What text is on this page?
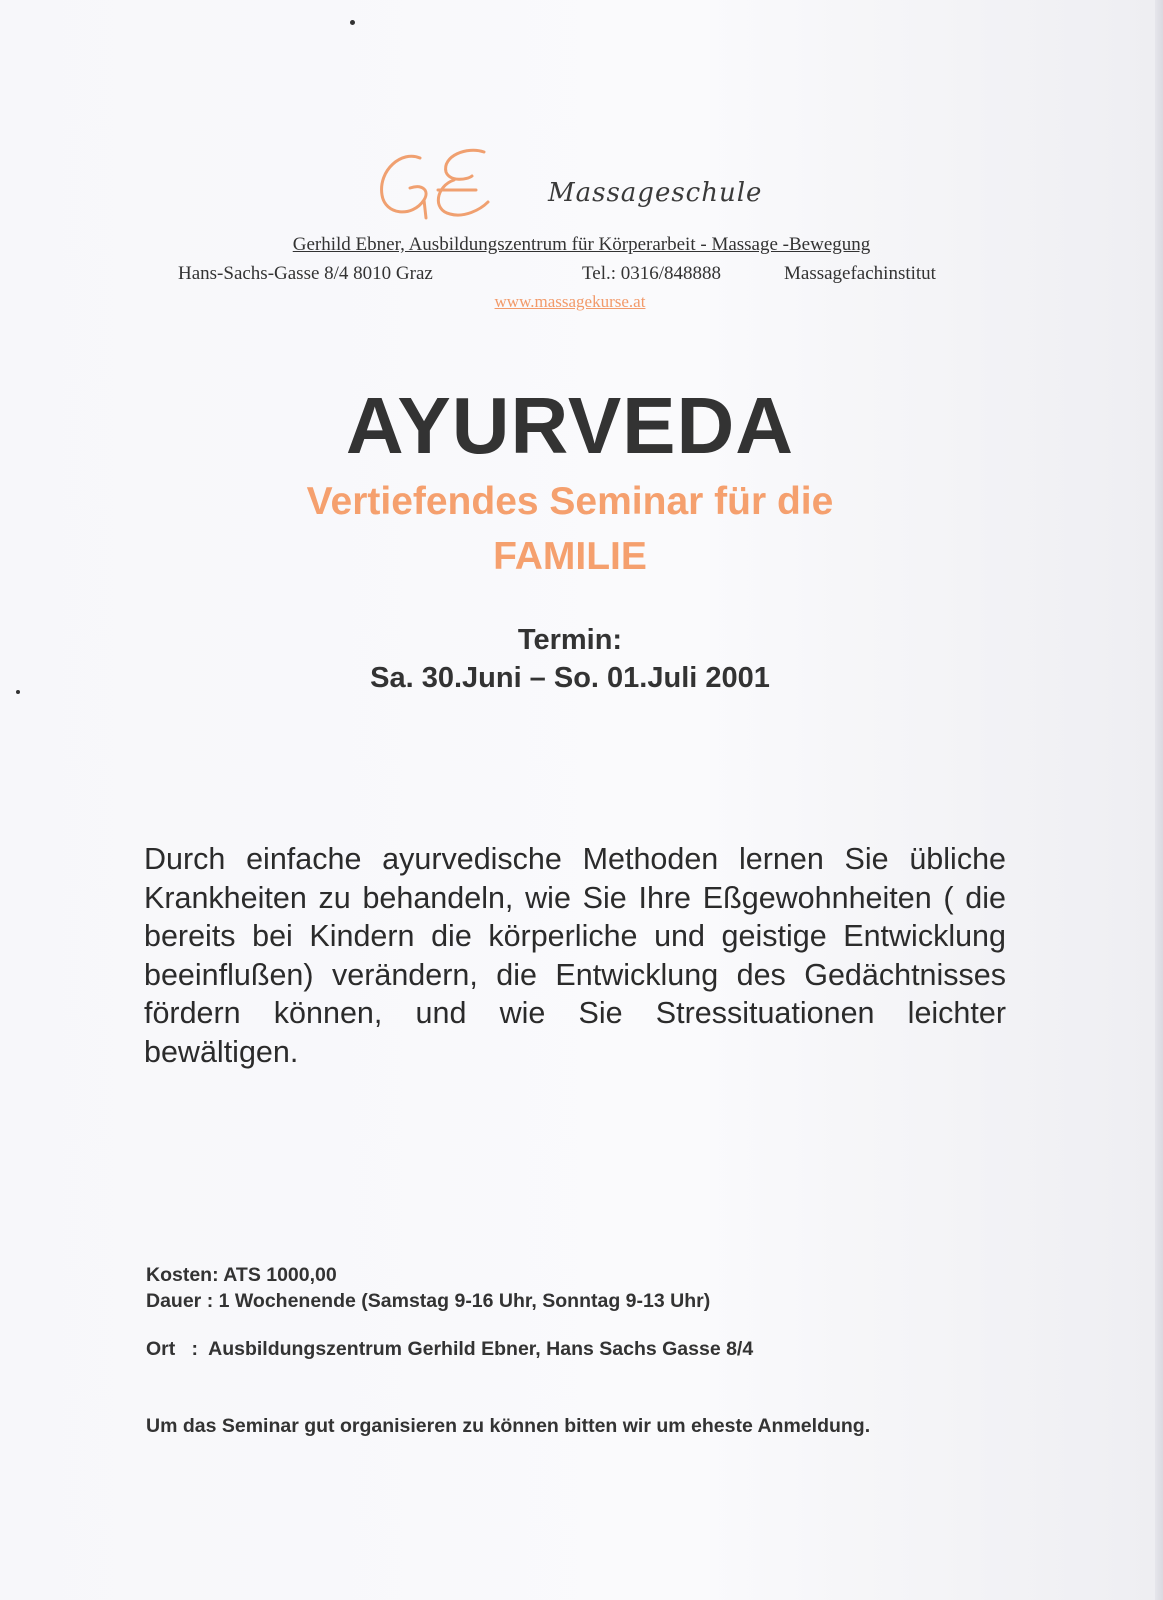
Massageschule
Gerhild Ebner, Ausbildungszentrum für Körperarbeit - Massage -Bewegung
Hans-Sachs-Gasse 8/4 8010 Graz	Tel.: 0316/848888	Massagefachinstitut
www.massagekurse.at
AYURVEDA
Vertiefendes Seminar für die
FAMILIE
Termin:
Sa. 30.Juni – So. 01.Juli 2001
Durch einfache ayurvedische Methoden lernen Sie übliche Krankheiten zu behandeln, wie Sie Ihre Eßgewohnheiten ( die bereits bei Kindern die körperliche und geistige Entwicklung beeinflußen) verändern, die Entwicklung des Gedächtnisses fördern können, und wie Sie Stressituationen leichter bewältigen.
Kosten: ATS 1000,00
Dauer : 1 Wochenende (Samstag 9-16 Uhr, Sonntag 9-13 Uhr)
Ort   :  Ausbildungszentrum Gerhild Ebner, Hans Sachs Gasse 8/4
Um das Seminar gut organisieren zu können bitten wir um eheste Anmeldung.
